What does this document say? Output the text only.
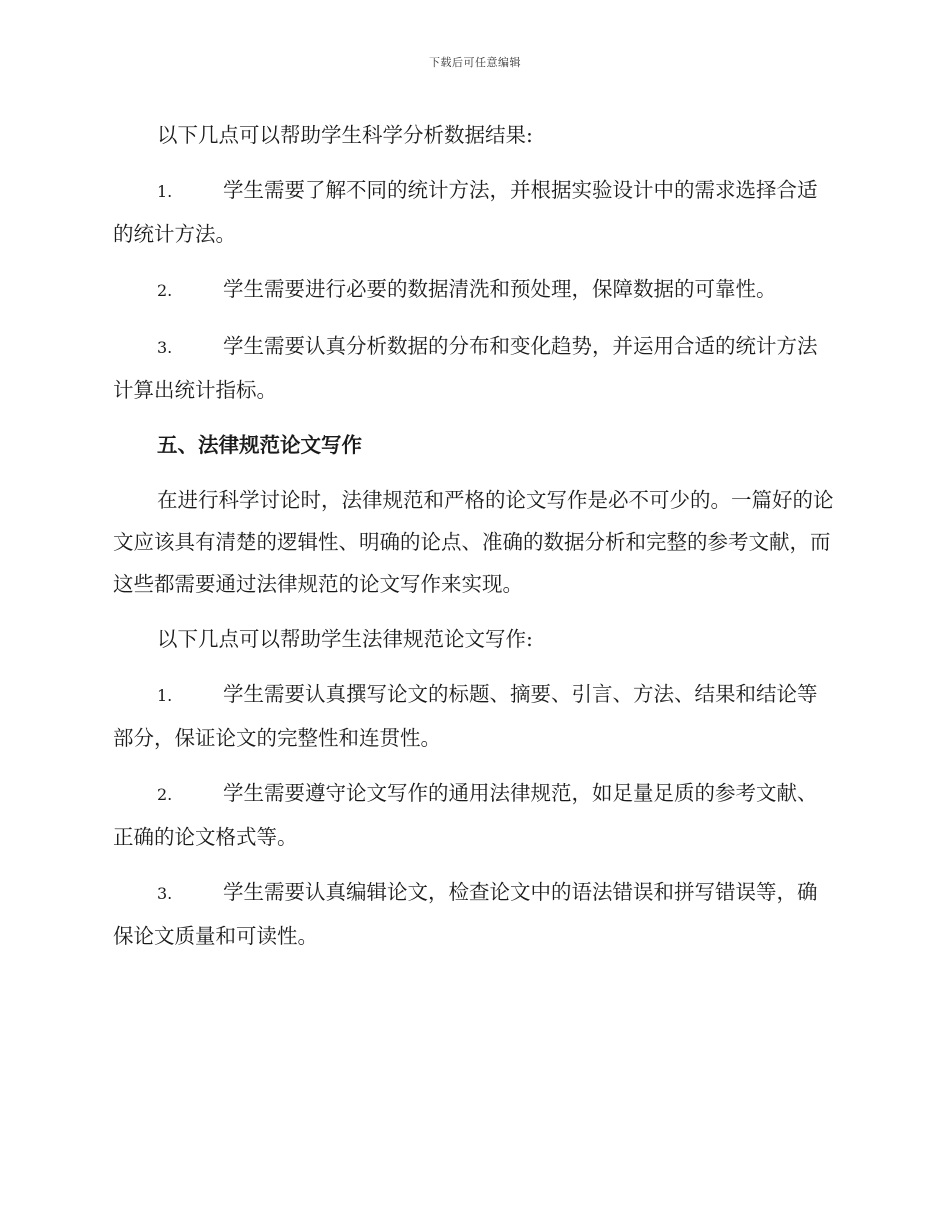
下载后可任意编辑

以下几点可以帮助学生科学分析数据结果:

1. 学生需要了解不同的统计方法，并根据实验设计中的需求选择合适的统计方法。

2. 学生需要进行必要的数据清洗和预处理，保障数据的可靠性。

3. 学生需要认真分析数据的分布和变化趋势，并运用合适的统计方法计算出统计指标。

五、法律规范论文写作

在进行科学讨论时，法律规范和严格的论文写作是必不可少的。一篇好的论文应该具有清楚的逻辑性、明确的论点、准确的数据分析和完整的参考文献，而这些都需要通过法律规范的论文写作来实现。

以下几点可以帮助学生法律规范论文写作:

1. 学生需要认真撰写论文的标题、摘要、引言、方法、结果和结论等部分，保证论文的完整性和连贯性。

2. 学生需要遵守论文写作的通用法律规范，如足量足质的参考文献、正确的论文格式等。

3. 学生需要认真编辑论文，检查论文中的语法错误和拼写错误等，确保论文质量和可读性。
